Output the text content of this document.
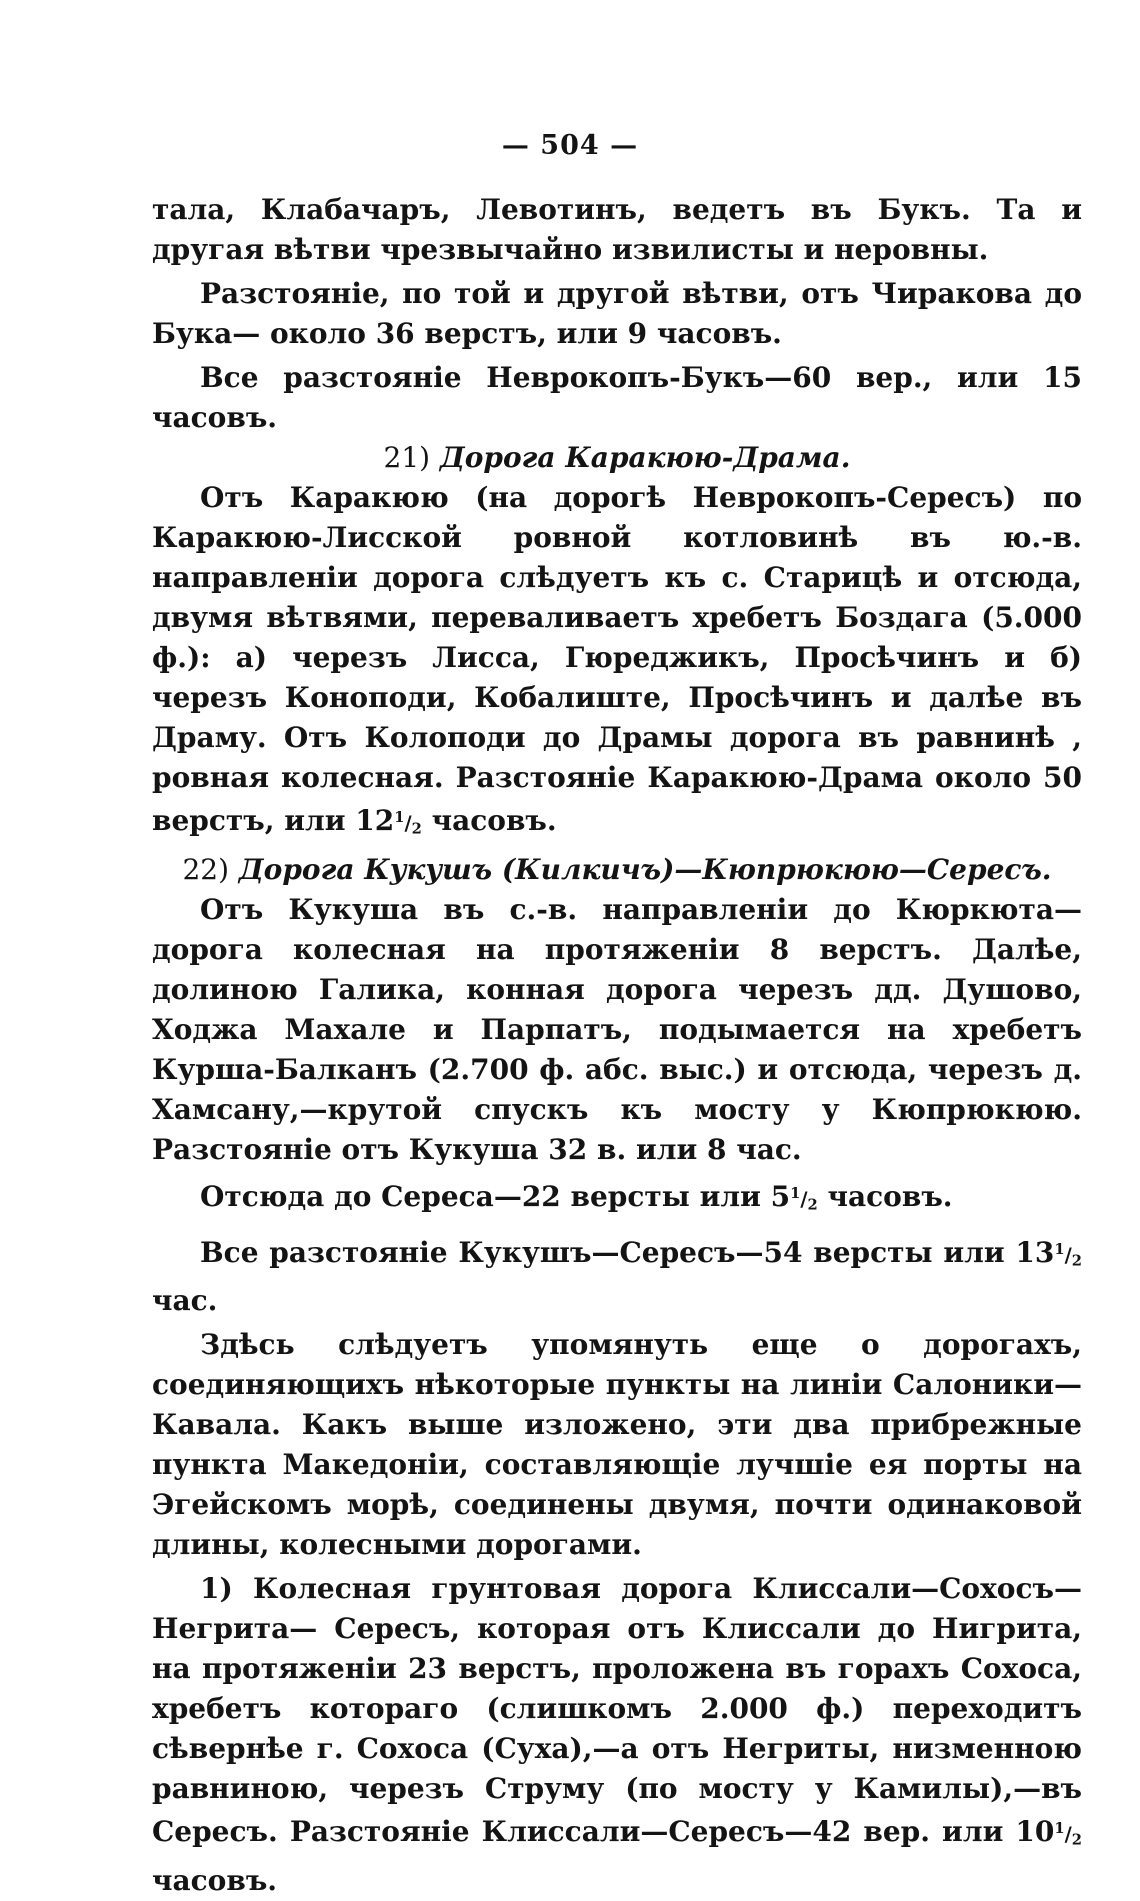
— 504 —

тала, Клабачаръ, Левотинъ, ведетъ въ Букъ. Та и другая вѣтви чрезвычайно извилисты и неровны.

Разстояніе, по той и другой вѣтви, отъ Чиракова до Бука— около 36 верстъ, или 9 часовъ.

Все разстояніе Неврокопъ-Букъ—60 вер., или 15 часовъ.

21) Дорога Каракюю-Драма.

Отъ Каракюю (на дорогѣ Неврокопъ-Сересъ) по Каракюю-Лисской ровной котловинѣ въ ю.-в. направленіи дорога слѣдуетъ къ с. Старицѣ и отсюда, двумя вѣтвями, переваливаетъ хребетъ Боздага (5.000 ф.): а) черезъ Лисса, Гюреджикъ, Просѣчинъ и б) черезъ Коноподи, Кобалиште, Просѣчинъ и далѣе въ Драму. Отъ Колоподи до Драмы дорога въ равнинѣ , ровная колесная. Разстояніе Каракюю-Драма около 50 верстъ, или $12^1/_2$ часовъ.

22) Дорога Кукушъ (Килкичъ)—Кюпрюкюю—Сересъ.

Отъ Кукуша въ с.-в. направленіи до Кюркюта—дорога колесная на протяженіи 8 верстъ. Далѣе, долиною Галика, конная дорога черезъ дд. Душово, Ходжа Махале и Парпатъ, подымается на хребетъ Курша-Балканъ (2.700 ф. абс. выс.) и отсюда, черезъ д. Хамсану,—крутой спускъ къ мосту у Кюпрюкюю. Разстояніе отъ Кукуша 32 в. или 8 час.

Отсюда до Сереса—22 версты или $5^1/_2$ часовъ.

Все разстояніе Кукушъ—Сересъ—54 версты или $13^1/_2$ час.

Здѣсь слѣдуетъ упомянуть еще о дорогахъ, соединяющихъ нѣкоторые пункты на линіи Салоники—Кавала. Какъ выше изложено, эти два прибрежные пункта Македоніи, составляющіе лучшіе ея порты на Эгейскомъ морѣ, соединены двумя, почти одинаковой длины, колесными дорогами.

1) Колесная грунтовая дорога Клиссали—Сохосъ—Негрита— Сересъ, которая отъ Клиссали до Нигрита, на протяженіи 23 верстъ, проложена въ горахъ Сохоса, хребетъ котораго (слишкомъ 2.000 ф.) переходитъ сѣвернѣе г. Сохоса (Суха),—а отъ Негриты, низменною равниною, черезъ Струму (по мосту у Камилы),—въ Сересъ. Разстояніе Клиссали—Сересъ—42 вер. или $10^1/_2$ часовъ.
